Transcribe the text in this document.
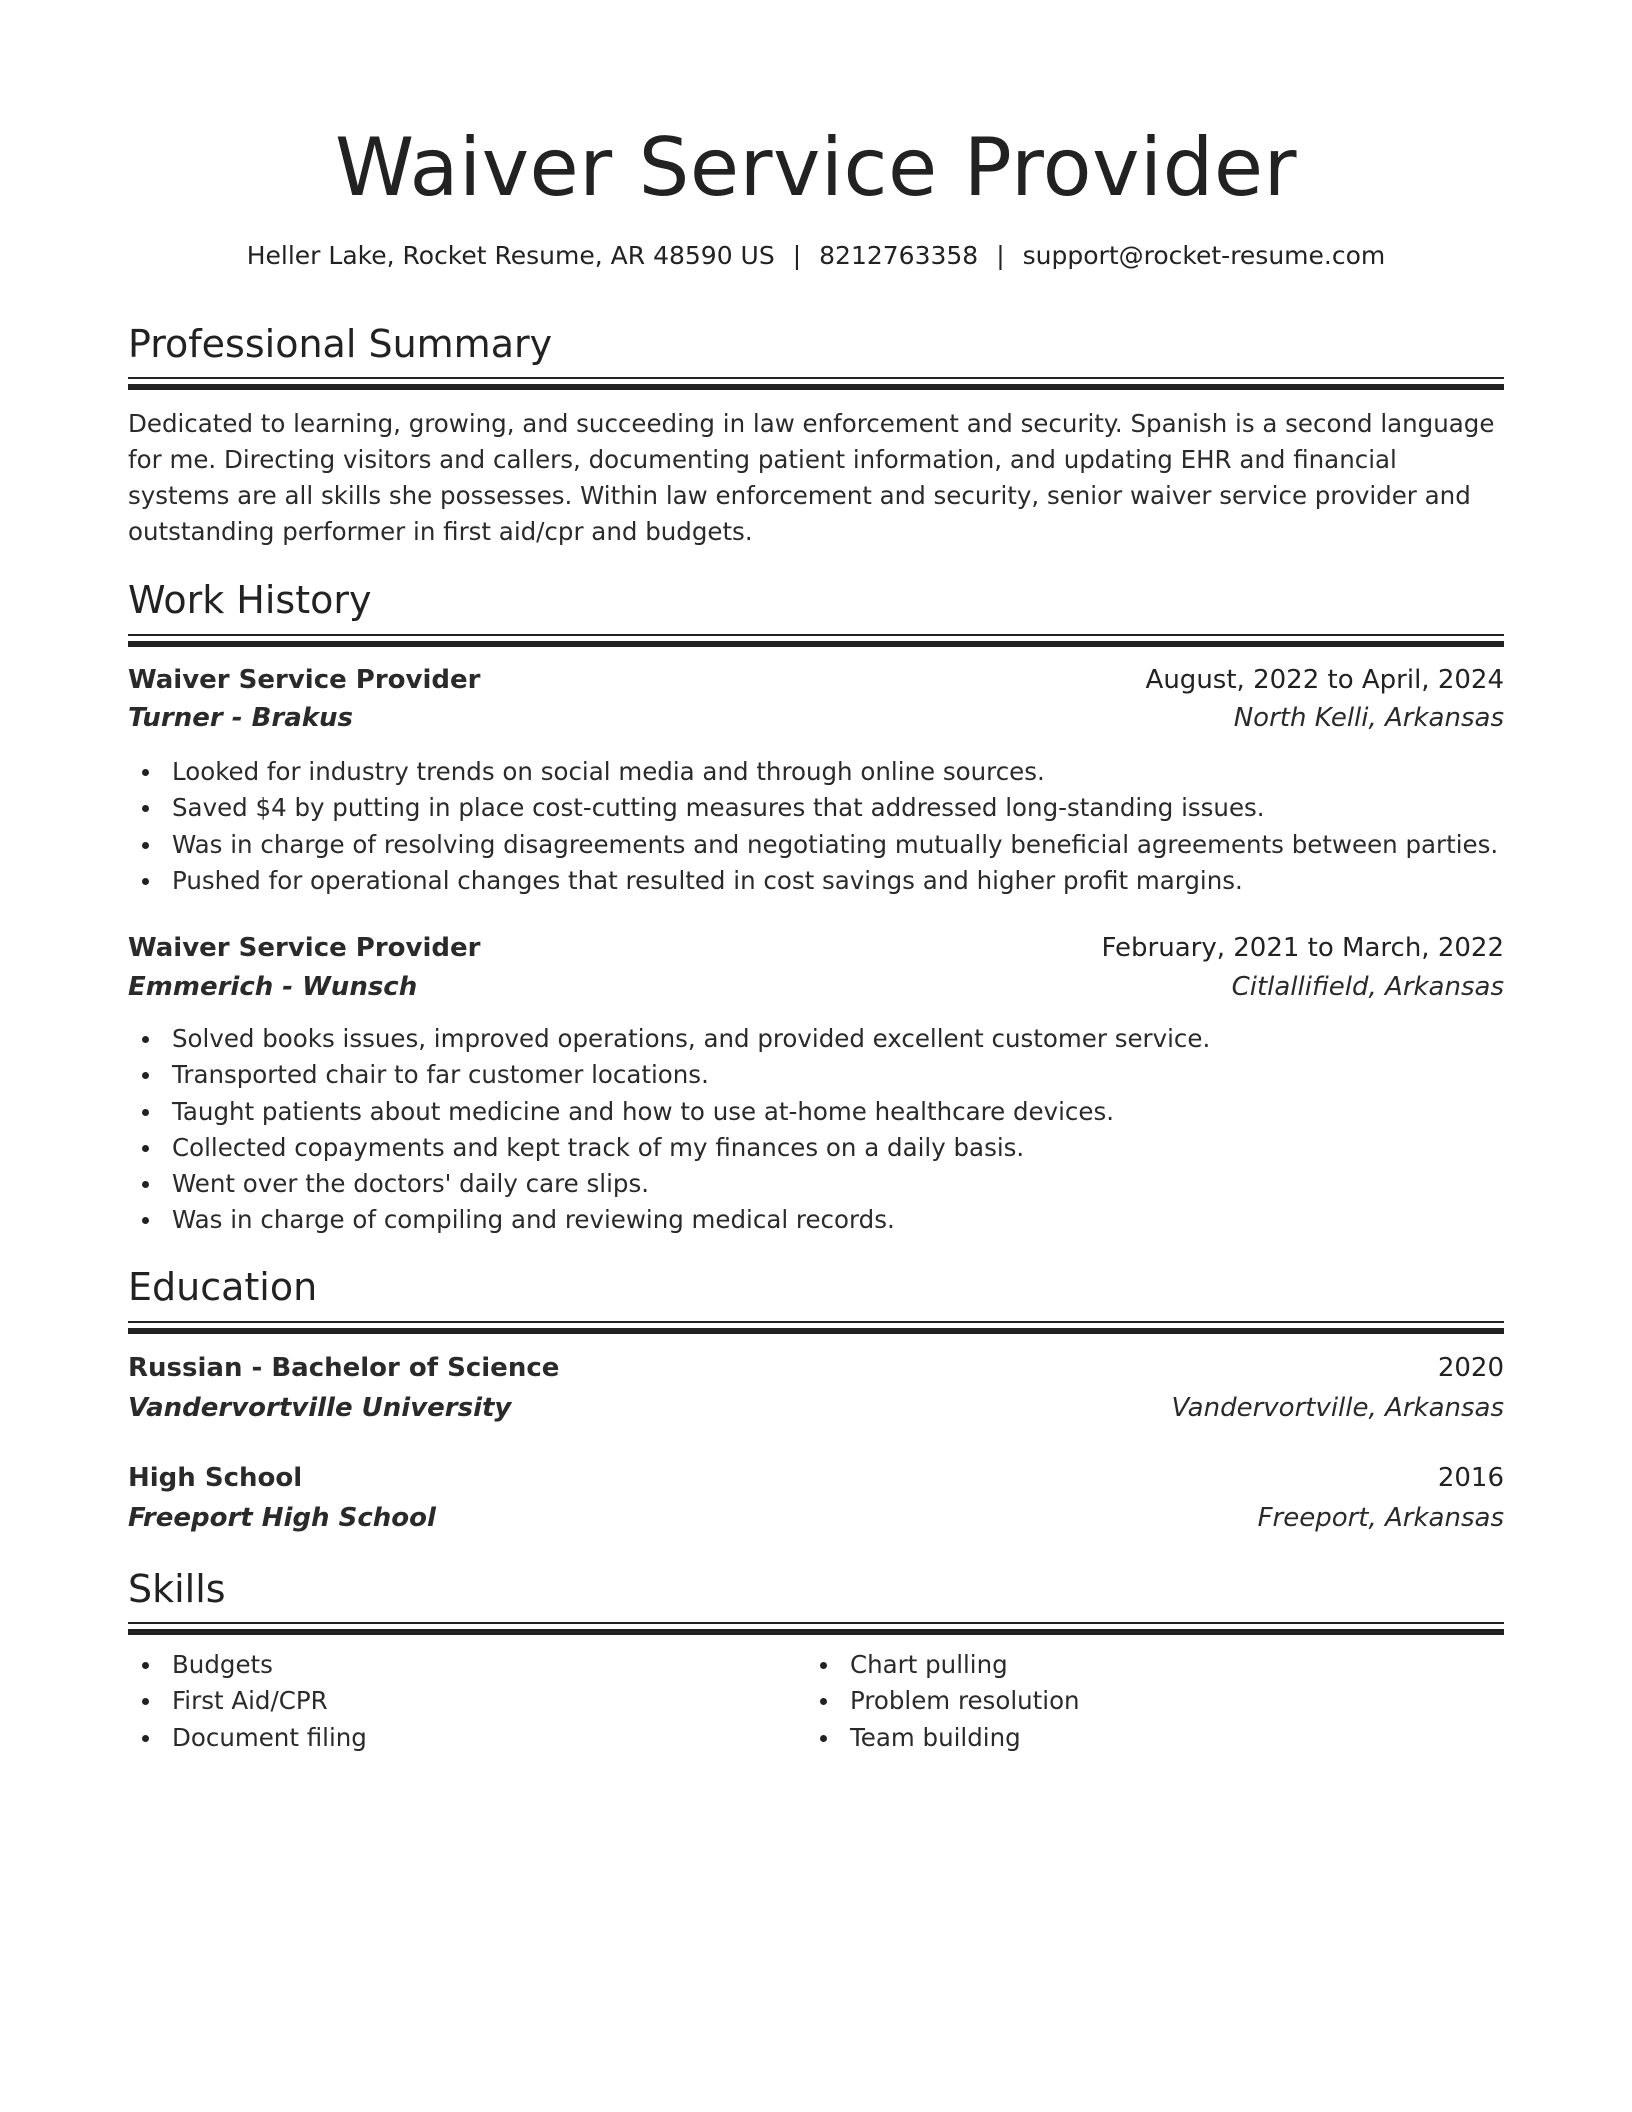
Waiver Service Provider
Heller Lake, Rocket Resume, AR 48590 US | 8212763358 | support@rocket-resume.com
Professional Summary
Dedicated to learning, growing, and succeeding in law enforcement and security. Spanish is a second language for me. Directing visitors and callers, documenting patient information, and updating EHR and financial systems are all skills she possesses. Within law enforcement and security, senior waiver service provider and outstanding performer in first aid/cpr and budgets.
Work History
Waiver Service Provider	August, 2022 to April, 2024
Turner - Brakus	North Kelli, Arkansas
Looked for industry trends on social media and through online sources.
Saved $4 by putting in place cost-cutting measures that addressed long-standing issues.
Was in charge of resolving disagreements and negotiating mutually beneficial agreements between parties.
Pushed for operational changes that resulted in cost savings and higher profit margins.
Waiver Service Provider	February, 2021 to March, 2022
Emmerich - Wunsch	Citlallifield, Arkansas
Solved books issues, improved operations, and provided excellent customer service.
Transported chair to far customer locations.
Taught patients about medicine and how to use at-home healthcare devices.
Collected copayments and kept track of my finances on a daily basis.
Went over the doctors' daily care slips.
Was in charge of compiling and reviewing medical records.
Education
Russian - Bachelor of Science	2020
Vandervortville University	Vandervortville, Arkansas
High School	2016
Freeport High School	Freeport, Arkansas
Skills
Budgets
First Aid/CPR
Document filing
Chart pulling
Problem resolution
Team building
